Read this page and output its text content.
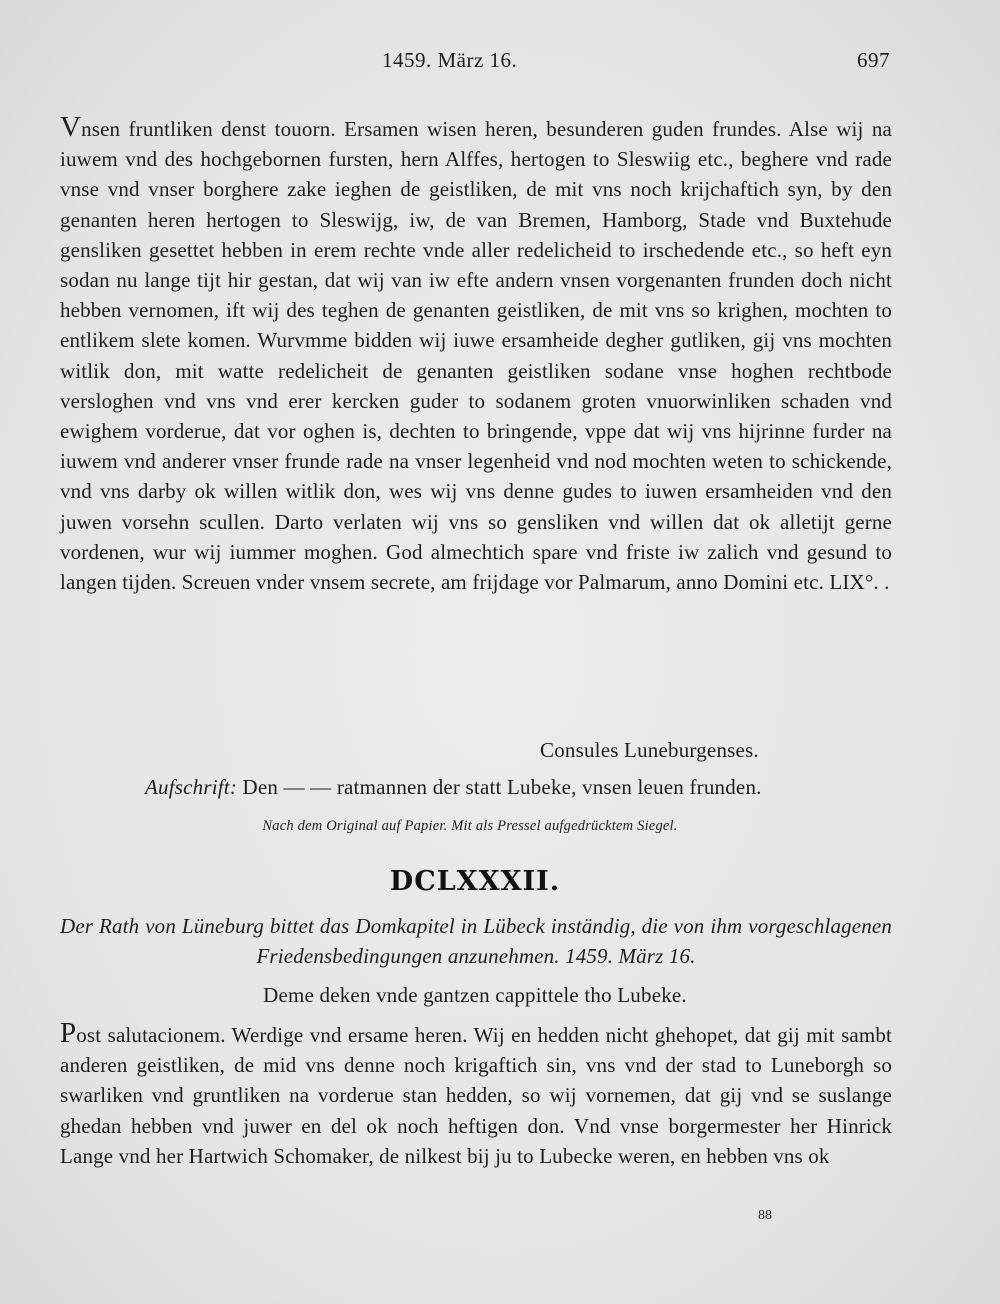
1459. März 16.	697
Vnsen fruntliken denst touorn. Ersamen wisen heren, besunderen guden frundes. Alse wij na iuwem vnd des hochgebornen fursten, hern Alffes, hertogen to Sleswiig etc., beghere vnd rade vnse vnd vnser borghere zake ieghen de geistliken, de mit vns noch krijchaftich syn, by den genanten heren hertogen to Sleswijg, iw, de van Bremen, Hamborg, Stade vnd Buxtehude gensliken gesettet hebben in erem rechte vnde aller redelicheid to irschedende etc., so heft eyn sodan nu lange tijt hir gestan, dat wij van iw efte andern vnsen vorgenanten frunden doch nicht hebben vernomen, ift wij des teghen de genanten geistliken, de mit vns so krighen, mochten to entlikem slete komen. Wurvmme bidden wij iuwe ersamheide degher gutliken, gij vns mochten witlik don, mit watte redelicheit de genanten geistliken sodane vnse hoghen rechtbode versloghen vnd vns vnd erer kercken guder to sodanem groten vnuorwinliken schaden vnd ewighem vorderue, dat vor oghen is, dechten to bringende, vppe dat wij vns hijrinne furder na iuwem vnd anderer vnser frunde rade na vnser legenheid vnd nod mochten weten to schickende, vnd vns darby ok willen witlik don, wes wij vns denne gudes to iuwen ersamheiden vnd den juwen vorsehn scullen. Darto verlaten wij vns so gensliken vnd willen dat ok alletijt gerne vordenen, wur wij iummer moghen. God almechtich spare vnd friste iw zalich vnd gesund to langen tijden. Screuen vnder vnsem secrete, am frijdage vor Palmarum, anno Domini etc. LIX°. .
Consules Luneburgenses.
Aufschrift: Den — — ratmannen der statt Lubeke, vnsen leuen frunden.
Nach dem Original auf Papier. Mit als Pressel aufgedrücktem Siegel.
DCLXXXII.
Der Rath von Lüneburg bittet das Domkapitel in Lübeck inständig, die von ihm vorgeschlagenen Friedensbedingungen anzunehmen. 1459. März 16.
Deme deken vnde gantzen cappittele tho Lubeke.
Post salutacionem. Werdige vnd ersame heren. Wij en hedden nicht ghehopet, dat gij mit sambt anderen geistliken, de mid vns denne noch krigaftich sin, vns vnd der stad to Luneborgh so swarliken vnd gruntliken na vorderue stan hedden, so wij vornemen, dat gij vnd se suslange ghedan hebben vnd juwer en del ok noch heftigen don. Vnd vnse borgermester her Hinrick Lange vnd her Hartwich Schomaker, de nilkest bij ju to Lubecke weren, en hebben vns ok
88
